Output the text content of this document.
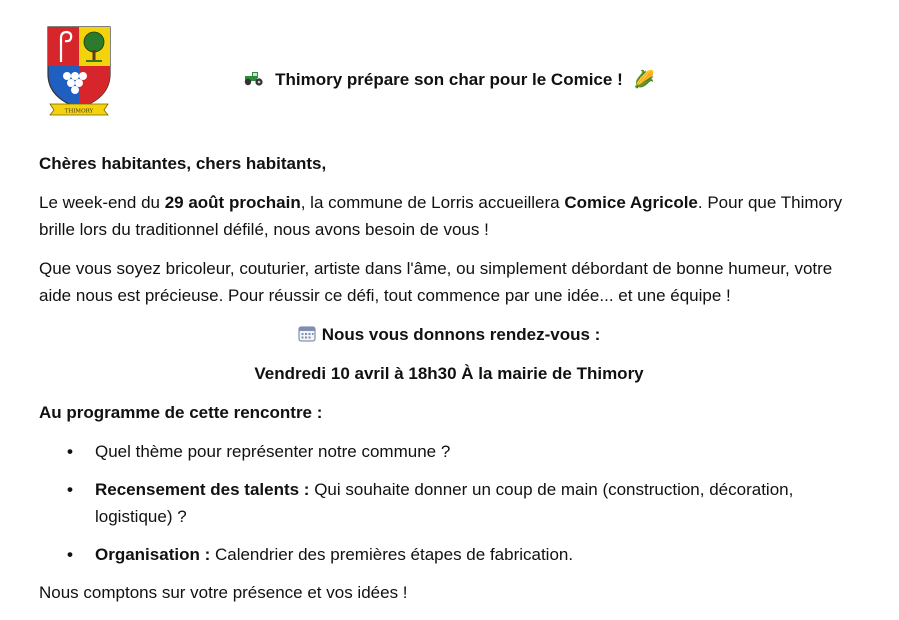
THIMORY
Thimory prépare son char pour le Comice ! 🌽

Chères habitantes, chers habitants,

Le week-end du 29 août prochain, la commune de Lorris accueillera Comice Agricole. Pour que Thimory brille lors du traditionnel défilé, nous avons besoin de vous !

Que vous soyez bricoleur, couturier, artiste dans l'âme, ou simplement débordant de bonne humeur, votre aide nous est précieuse. Pour réussir ce défi, tout commence par une idée... et une équipe !

Nous vous donnons rendez-vous :

Vendredi 10 avril à 18h30 À la mairie de Thimory

Au programme de cette rencontre :

• Quel thème pour représenter notre commune ?
• Recensement des talents : Qui souhaite donner un coup de main (construction, décoration, logistique) ?
• Organisation : Calendrier des premières étapes de fabrication.

Nous comptons sur votre présence et vos idées !
